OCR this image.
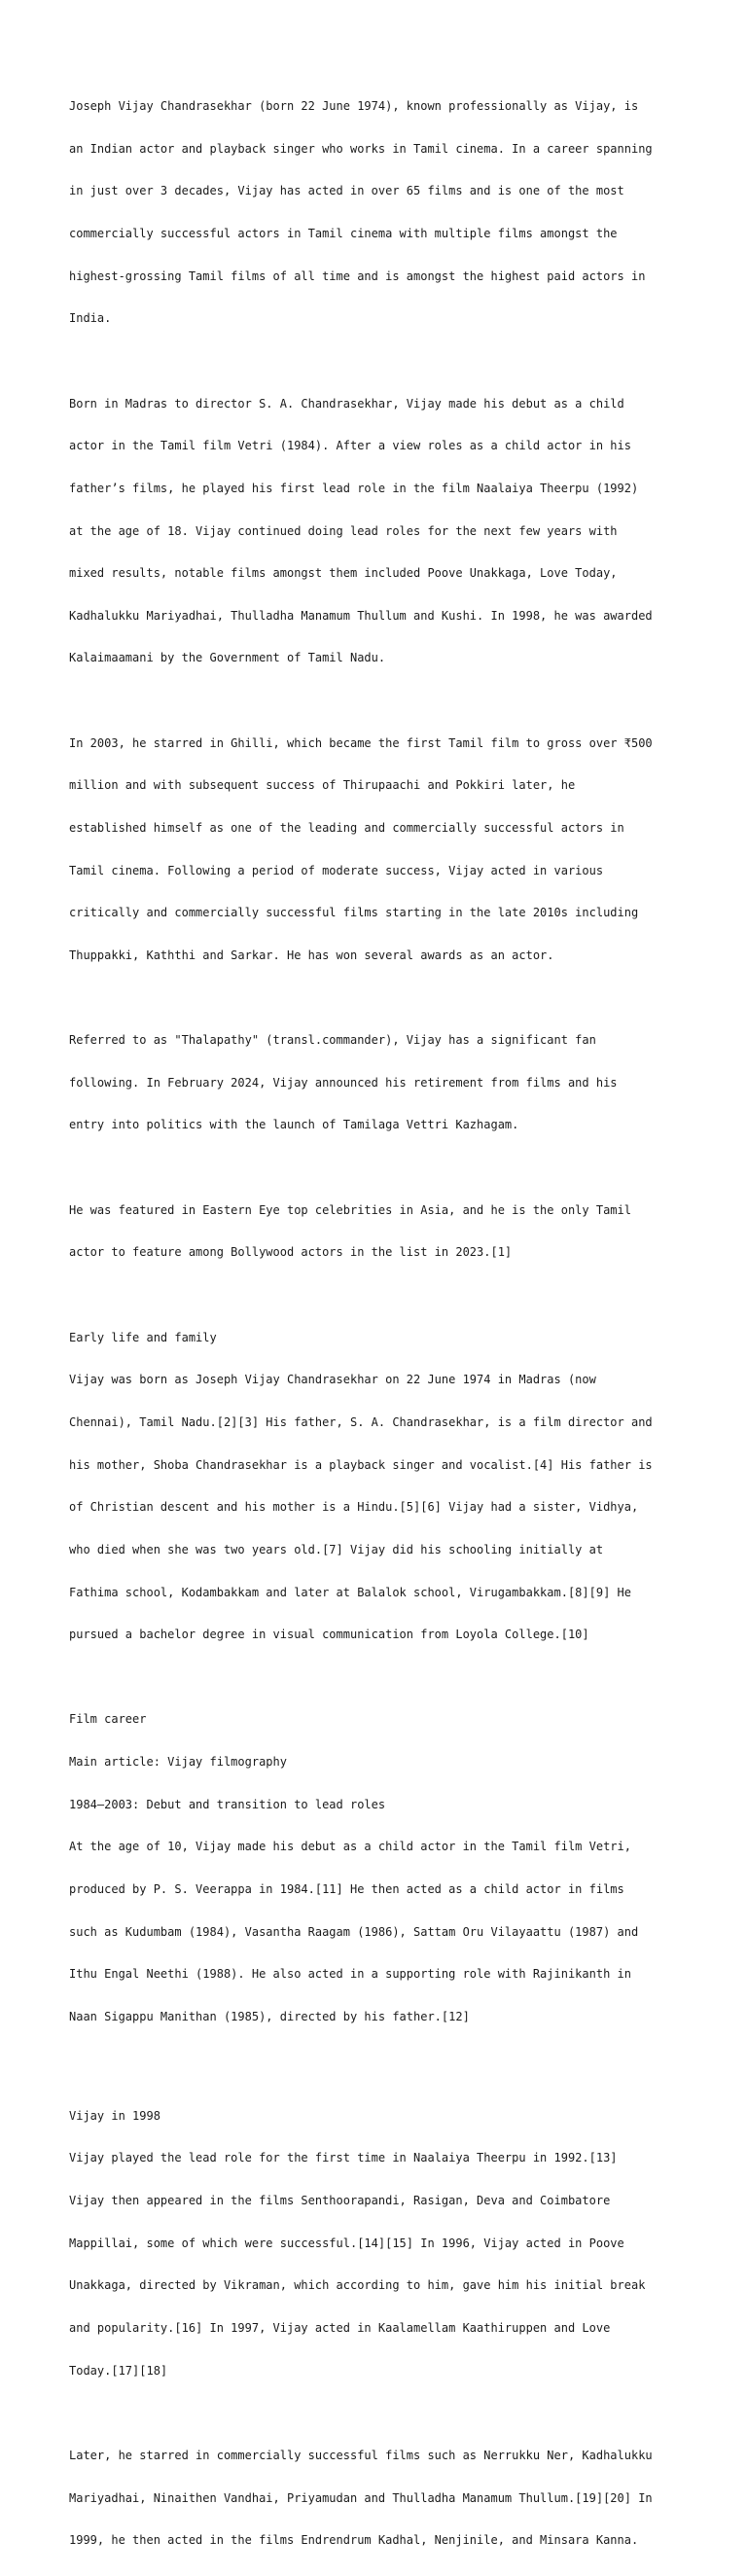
Joseph Vijay Chandrasekhar (born 22 June 1974), known professionally as Vijay, is

an Indian actor and playback singer who works in Tamil cinema. In a career spanning

in just over 3 decades, Vijay has acted in over 65 films and is one of the most

commercially successful actors in Tamil cinema with multiple films amongst the

highest-grossing Tamil films of all time and is amongst the highest paid actors in

India.

Born in Madras to director S. A. Chandrasekhar, Vijay made his debut as a child

actor in the Tamil film Vetri (1984). After a view roles as a child actor in his

father’s films, he played his first lead role in the film Naalaiya Theerpu (1992)

at the age of 18. Vijay continued doing lead roles for the next few years with

mixed results, notable films amongst them included Poove Unakkaga, Love Today,

Kadhalukku Mariyadhai, Thulladha Manamum Thullum and Kushi. In 1998, he was awarded

Kalaimaamani by the Government of Tamil Nadu.

In 2003, he starred in Ghilli, which became the first Tamil film to gross over ₹500

million and with subsequent success of Thirupaachi and Pokkiri later, he

established himself as one of the leading and commercially successful actors in

Tamil cinema. Following a period of moderate success, Vijay acted in various

critically and commercially successful films starting in the late 2010s including

Thuppakki, Kaththi and Sarkar. He has won several awards as an actor.

Referred to as "Thalapathy" (transl.commander), Vijay has a significant fan

following. In February 2024, Vijay announced his retirement from films and his

entry into politics with the launch of Tamilaga Vettri Kazhagam.

He was featured in Eastern Eye top celebrities in Asia, and he is the only Tamil

actor to feature among Bollywood actors in the list in 2023.[1]

Early life and family

Vijay was born as Joseph Vijay Chandrasekhar on 22 June 1974 in Madras (now

Chennai), Tamil Nadu.[2][3] His father, S. A. Chandrasekhar, is a film director and

his mother, Shoba Chandrasekhar is a playback singer and vocalist.[4] His father is

of Christian descent and his mother is a Hindu.[5][6] Vijay had a sister, Vidhya,

who died when she was two years old.[7] Vijay did his schooling initially at

Fathima school, Kodambakkam and later at Balalok school, Virugambakkam.[8][9] He

pursued a bachelor degree in visual communication from Loyola College.[10]

Film career

Main article: Vijay filmography

1984–2003: Debut and transition to lead roles

At the age of 10, Vijay made his debut as a child actor in the Tamil film Vetri,

produced by P. S. Veerappa in 1984.[11] He then acted as a child actor in films

such as Kudumbam (1984), Vasantha Raagam (1986), Sattam Oru Vilayaattu (1987) and

Ithu Engal Neethi (1988). He also acted in a supporting role with Rajinikanth in

Naan Sigappu Manithan (1985), directed by his father.[12]

Vijay in 1998

Vijay played the lead role for the first time in Naalaiya Theerpu in 1992.[13]

Vijay then appeared in the films Senthoorapandi, Rasigan, Deva and Coimbatore

Mappillai, some of which were successful.[14][15] In 1996, Vijay acted in Poove

Unakkaga, directed by Vikraman, which according to him, gave him his initial break

and popularity.[16] In 1997, Vijay acted in Kaalamellam Kaathiruppen and Love

Today.[17][18]

Later, he starred in commercially successful films such as Nerrukku Ner, Kadhalukku

Mariyadhai, Ninaithen Vandhai, Priyamudan and Thulladha Manamum Thullum.[19][20] In

1999, he then acted in the films Endrendrum Kadhal, Nenjinile, and Minsara Kanna.
